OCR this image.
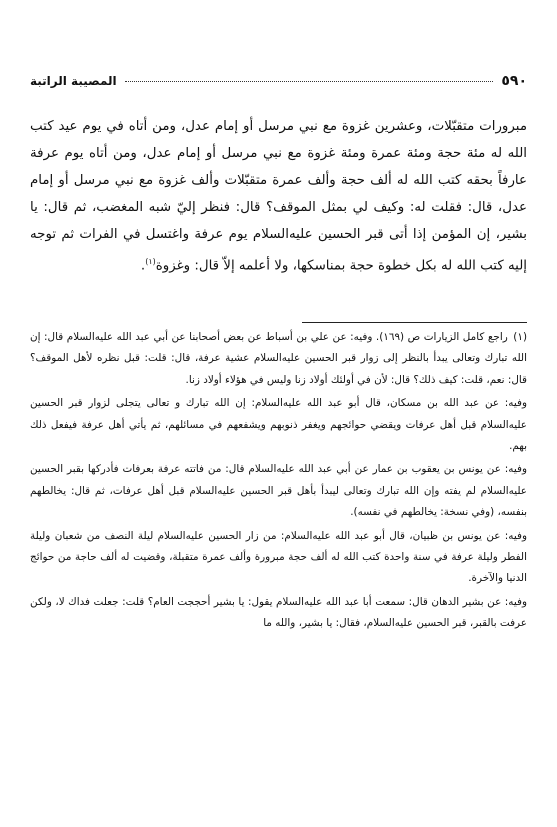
٥٩٠
المصيبة الراتبة

مبرورات متقبّلات، وعشرين غزوة مع نبي مرسل أو إمام عدل، ومن أتاه في يوم عيد كتب الله له مئة حجة ومئة عمرة ومئة غزوة مع نبي مرسل أو إمام عدل، ومن أتاه يوم عرفة عارفاً بحقه كتب الله له ألف حجة وألف عمرة متقبّلات وألف غزوة مع نبي مرسل أو إمام عدل، قال: فقلت له: وكيف لي بمثل الموقف؟ قال: فنظر إليّ شبه المغضب، ثم قال: يا بشير، إن المؤمن إذا أتى قبر الحسين عليه‌السلام يوم عرفة واغتسل في الفرات ثم توجه إليه كتب الله له بكل خطوة حجة بمناسكها، ولا أعلمه إلاّ قال: وغزوة$^{(١)}$.

(١) راجع كامل الزيارات ص (١٦٩). وفيه: عن علي بن أسباط عن بعض أصحابنا عن أبي عبد الله عليه‌السلام قال: إن الله تبارك وتعالى يبدأ بالنظر إلى زوار قبر الحسين عليه‌السلام عشية عرفة، قال: قلت: قبل نظره لأهل الموقف؟ قال: نعم، قلت: كيف ذلك؟ قال: لأن في أولئك أولاد زنا وليس في هؤلاء أولاد زنا.

وفيه: عن عبد الله بن مسكان، قال أبو عبد الله عليه‌السلام: إن الله تبارك و تعالى يتجلى لزوار قبر الحسين عليه‌السلام قبل أهل عرفات ويقضي حوائجهم ويغفر ذنوبهم ويشفعهم في مسائلهم، ثم يأتي أهل عرفة فيفعل ذلك بهم.

وفيه: عن يونس بن يعقوب بن عمار عن أبي عبد الله عليه‌السلام قال: من فاتته عرفة بعرفات فأدركها بقبر الحسين عليه‌السلام لم يفته وإن الله تبارك وتعالى ليبدأ بأهل قبر الحسين عليه‌السلام قبل أهل عرفات، ثم قال: يخالطهم بنفسه، (وفي نسخة: يخالطهم في نفسه).

وفيه: عن يونس بن ظبيان، قال أبو عبد الله عليه‌السلام: من زار الحسين عليه‌السلام ليلة النصف من شعبان وليلة الفطر وليلة عرفة في سنة واحدة كتب الله له ألف حجة مبرورة وألف عمرة متقبلة، وقضيت له ألف حاجة من حوائج الدنيا والآخرة.

وفيه: عن بشير الدهان قال: سمعت أبا عبد الله عليه‌السلام يقول: يا بشير أحججت العام؟ قلت: جعلت فداك لا، ولكن عرفت بالقبر، قبر الحسين عليه‌السلام، فقال: يا بشير، والله ما
